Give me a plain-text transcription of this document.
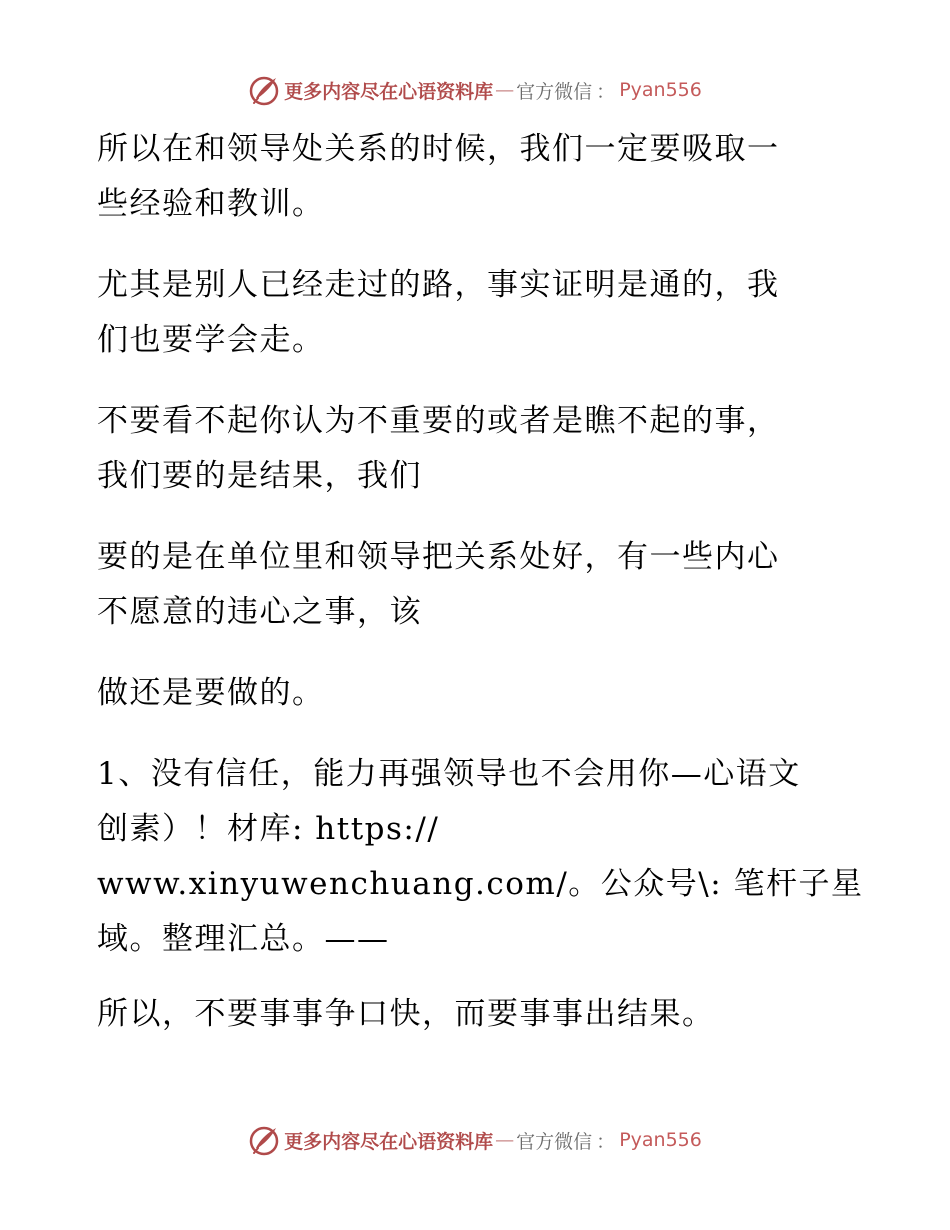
更多内容尽在心语资料库 — 官方微信 ： Pyan556

所以在和领导处关系的时候，我们一定要吸取一
些经验和教训。

尤其是别人已经走过的路，事实证明是通的，我
们也要学会走。

不要看不起你认为不重要的或者是瞧不起的事，
我们要的是结果，我们

要的是在单位里和领导把关系处好，有一些内心
不愿意的违心之事，该

做还是要做的。

1、没有信任，能力再强领导也不会用你—心语文
创素）！材库: https://
www.xinyuwenchuang.com/。公众号\: 笔杆子星
域。整理汇总。——

所以，不要事事争口快，而要事事出结果。

更多内容尽在心语资料库 — 官方微信 ： Pyan556
